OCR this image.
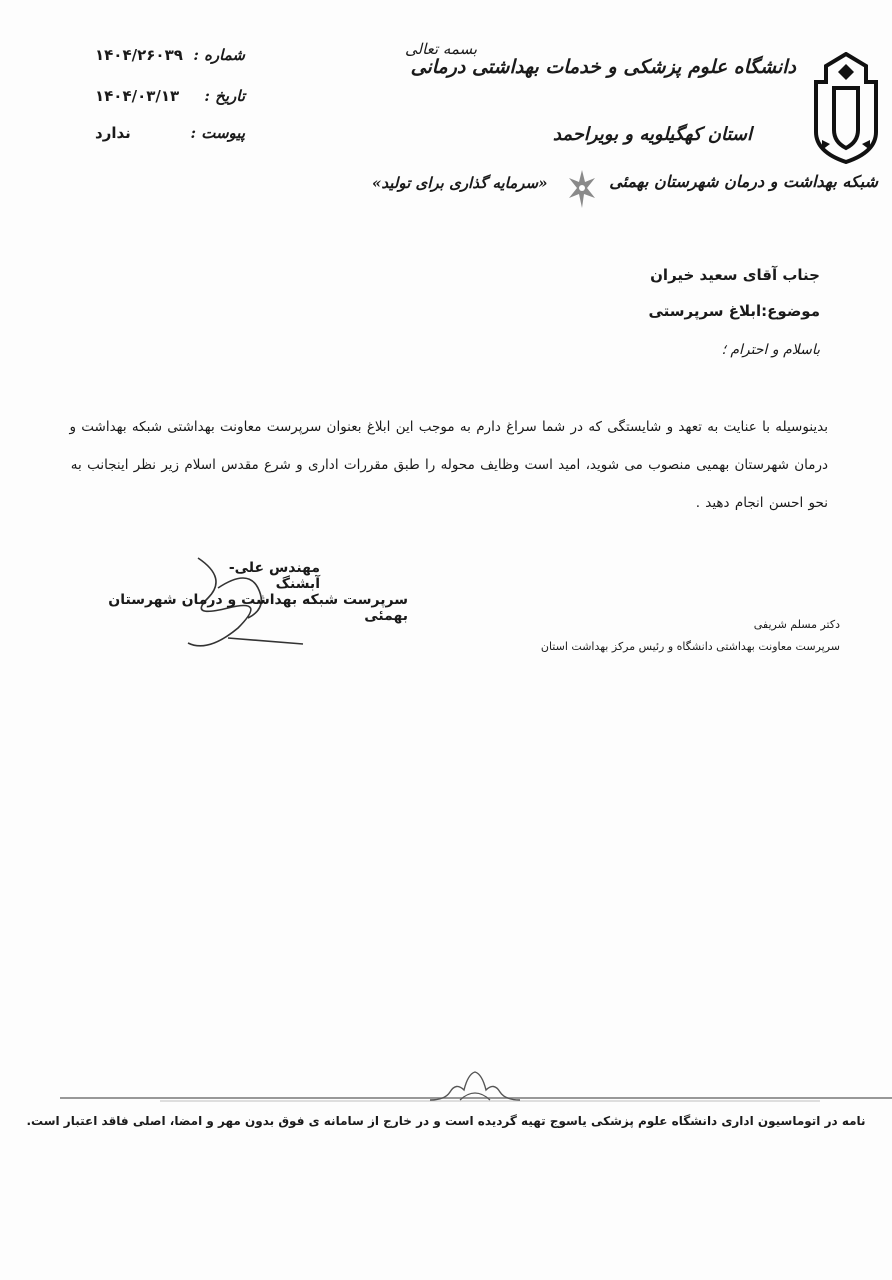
دانشگاه علوم پزشکی و خدمات بهداشتی درمانی
استان کهگیلویه و بویراحمد
شبکه بهداشت و درمان شهرستان بهمئی
بسمه تعالی
«سرمایه گذاری برای تولید»
شماره :
۱۴۰۴/۲۶۰۳۹
تاریخ :
۱۴۰۴/۰۳/۱۳
پیوست :
ندارد
جناب آقای سعید خیران
موضوع:ابلاغ سرپرستی
باسلام و احترام ؛
بدینوسیله با عنایت به تعهد و شایستگی که در شما سراغ دارم به موجب این ابلاغ بعنوان سرپرست معاونت بهداشتی شبکه بهداشت و درمان شهرستان بهمیی منصوب می شوید، امید است وظایف محوله را طبق مقررات اداری و شرع مقدس اسلام زیر نظر اینجانب به نحو احسن انجام دهید .
مهندس علی-آبشنگ
سرپرست شبکه بهداشت و درمان شهرستان بهمئی
دکتر مسلم شریفی
سرپرست معاونت بهداشتی دانشگاه و رئیس مرکز بهداشت استان
نامه در اتوماسیون اداری دانشگاه علوم پزشکی یاسوج تهیه گردیده است و در خارج از سامانه ی فوق بدون مهر و امضا، اصلی فاقد اعتبار است.
